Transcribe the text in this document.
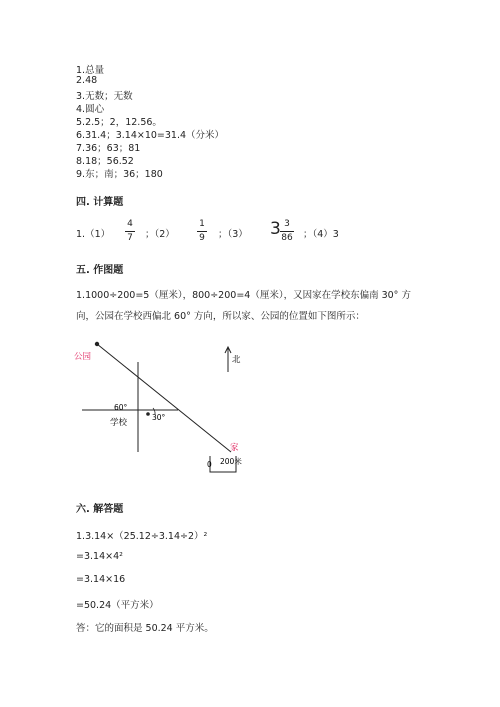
1.总量
2.48
3.无数；无数
4.圆心
5.2.5；2，12.56。
6.31.4；3.14×10=31.4（分米）
7.36；63；81
8.18；56.52
9.东；南；36；180
四. 计算题
1.（1）
4
7 ；（2）
1
9 ；（3） 3 3
86 ；（4）3
五. 作图题
1.1000÷200=5（厘米），800÷200=4（厘米），又因家在学校东偏南 30° 方
向，公园在学校西偏北 60° 方向，所以家、公园的位置如下图所示：
公园
60°
30°
学校
北
家
0 200米
六. 解答题
1.3.14×（25.12÷3.14÷2）²
=3.14×4²
=3.14×16
=50.24（平方米）
答：它的面积是 50.24 平方米。
